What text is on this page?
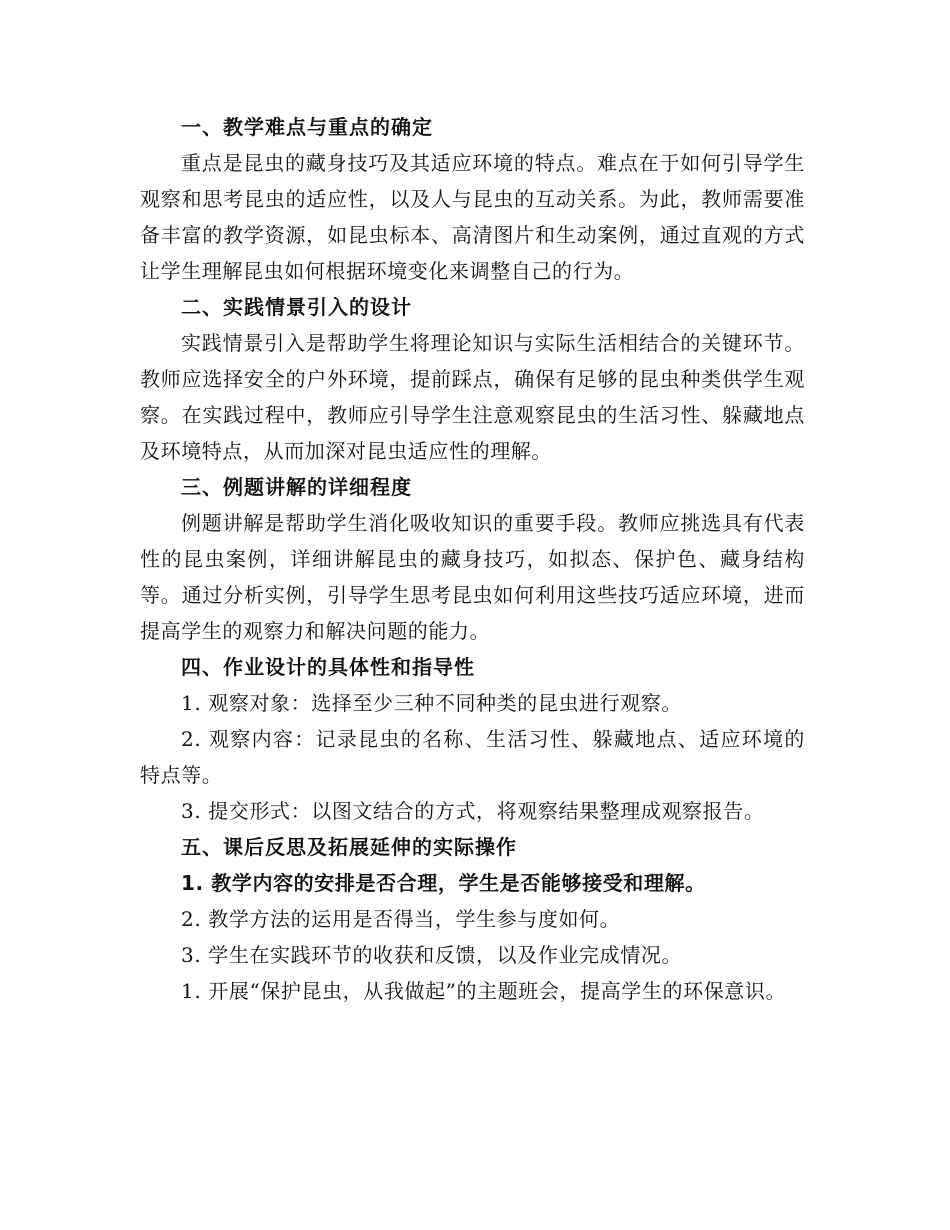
一、教学难点与重点的确定

重点是昆虫的藏身技巧及其适应环境的特点。难点在于如何引导学生观察和思考昆虫的适应性，以及人与昆虫的互动关系。为此，教师需要准备丰富的教学资源，如昆虫标本、高清图片和生动案例，通过直观的方式让学生理解昆虫如何根据环境变化来调整自己的行为。

二、实践情景引入的设计

实践情景引入是帮助学生将理论知识与实际生活相结合的关键环节。教师应选择安全的户外环境，提前踩点，确保有足够的昆虫种类供学生观察。在实践过程中，教师应引导学生注意观察昆虫的生活习性、躲藏地点及环境特点，从而加深对昆虫适应性的理解。

三、例题讲解的详细程度

例题讲解是帮助学生消化吸收知识的重要手段。教师应挑选具有代表性的昆虫案例，详细讲解昆虫的藏身技巧，如拟态、保护色、藏身结构等。通过分析实例，引导学生思考昆虫如何利用这些技巧适应环境，进而提高学生的观察力和解决问题的能力。

四、作业设计的具体性和指导性

1. 观察对象：选择至少三种不同种类的昆虫进行观察。

2. 观察内容：记录昆虫的名称、生活习性、躲藏地点、适应环境的特点等。

3. 提交形式：以图文结合的方式，将观察结果整理成观察报告。

五、课后反思及拓展延伸的实际操作

1. 教学内容的安排是否合理，学生是否能够接受和理解。

2. 教学方法的运用是否得当，学生参与度如何。

3. 学生在实践环节的收获和反馈，以及作业完成情况。

1. 开展“保护昆虫，从我做起”的主题班会，提高学生的环保意识。
